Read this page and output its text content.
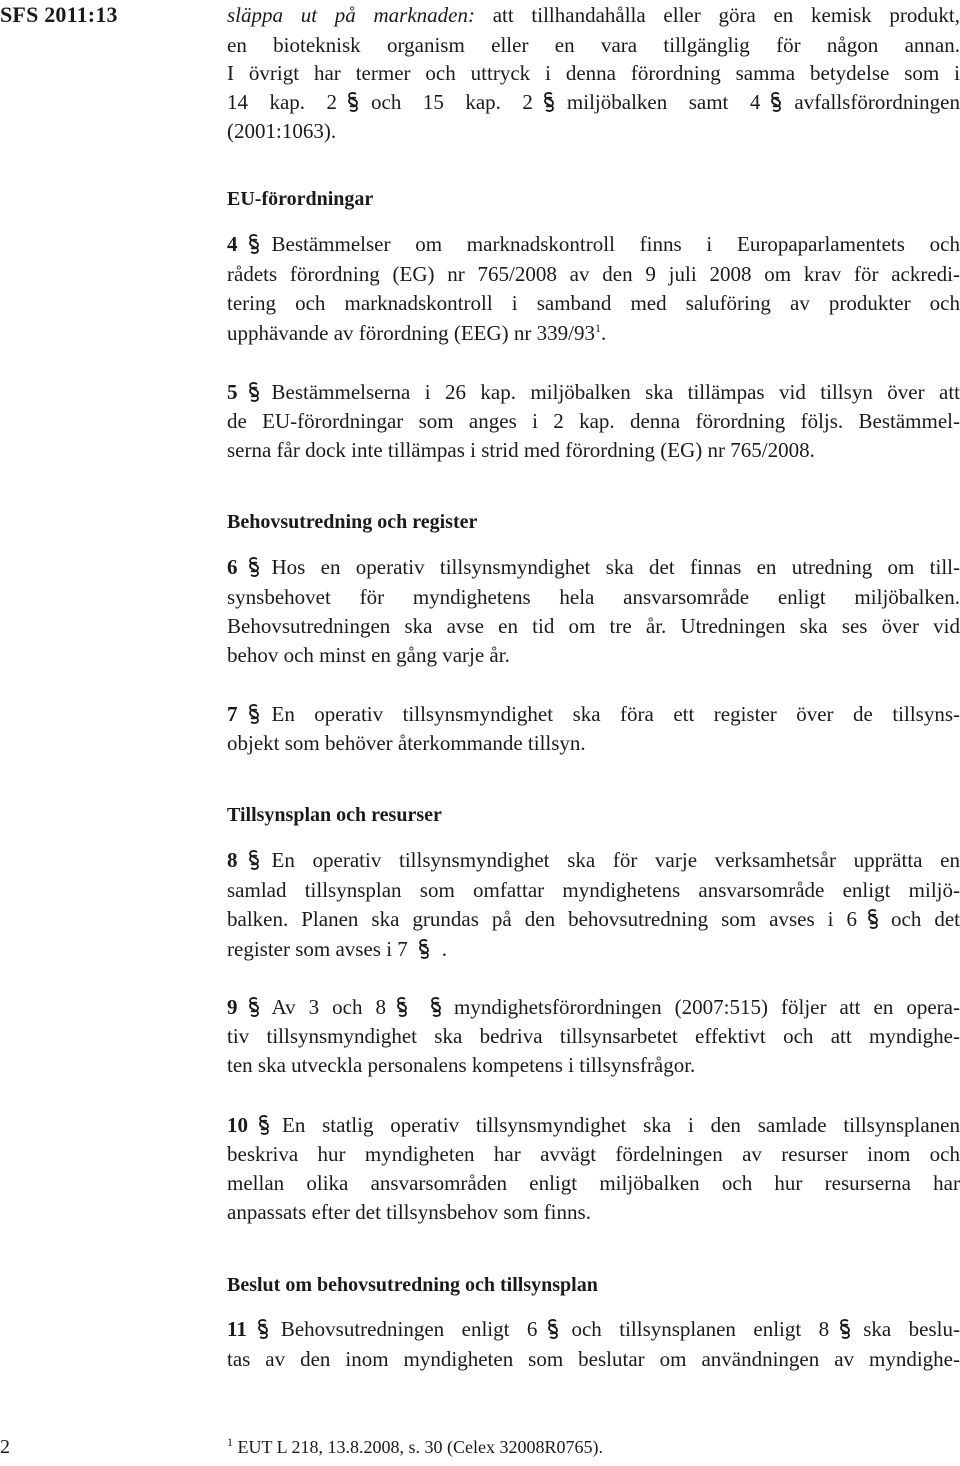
SFS 2011:13	släppa ut på marknaden: att tillhandahålla eller göra en kemisk produkt,
en bioteknisk organism eller en vara tillgänglig för någon annan.
I övrigt har termer och uttryck i denna förordning samma betydelse som i
14 kap. 2 och 15 kap. 2 miljöbalken samt 4 avfallsförordningen
(2001:1063).
EU-förordningar
4 Bestämmelser om marknadskontroll finns i Europaparlamentets och
rådets förordning (EG) nr 765/2008 av den 9 juli 2008 om krav för ackredi-
tering och marknadskontroll i samband med saluföring av produkter och
upphävande av förordning (EEG) nr $339/93^1$.
5 Bestämmelserna i 26 kap. miljöbalken ska tillämpas vid tillsyn över att
de EU-förordningar som anges i 2 kap. denna förordning följs. Bestämmel-
serna får dock inte tillämpas i strid med förordning (EG) nr 765/2008.
Behovsutredning och register
6 Hos en operativ tillsynsmyndighet ska det finnas en utredning om till-
synsbehovet för myndighetens hela ansvarsområde enligt miljöbalken.
Behovsutredningen ska avse en tid om tre år. Utredningen ska ses över vid
behov och minst en gång varje år.
7 En operativ tillsynsmyndighet ska föra ett register över de tillsyns-
objekt som behöver återkommande tillsyn.
Tillsynsplan och resurser
8 En operativ tillsynsmyndighet ska för varje verksamhetsår upprätta en
samlad tillsynsplan som omfattar myndighetens ansvarsområde enligt miljö-
balken. Planen ska grundas på den behovsutredning som avses i 6 och det
register som avses i 7 .
9 Av 3 och 8	myndighetsförordningen (2007:515) följer att en opera-
tiv tillsynsmyndighet ska bedriva tillsynsarbetet effektivt och att myndighe-
ten ska utveckla personalens kompetens i tillsynsfrågor.
10 En statlig operativ tillsynsmyndighet ska i den samlade tillsynsplanen
beskriva hur myndigheten har avvägt fördelningen av resurser inom och
mellan olika ansvarsområden enligt miljöbalken och hur resurserna har
anpassats efter det tillsynsbehov som finns.
Beslut om behovsutredning och tillsynsplan
11 Behovsutredningen enligt 6 och tillsynsplanen enligt 8 ska beslu-
tas av den inom myndigheten som beslutar om användningen av myndighe-
$^1$ EUT L 218, 13.8.2008, s. 30 (Celex 32008R0765).
2
